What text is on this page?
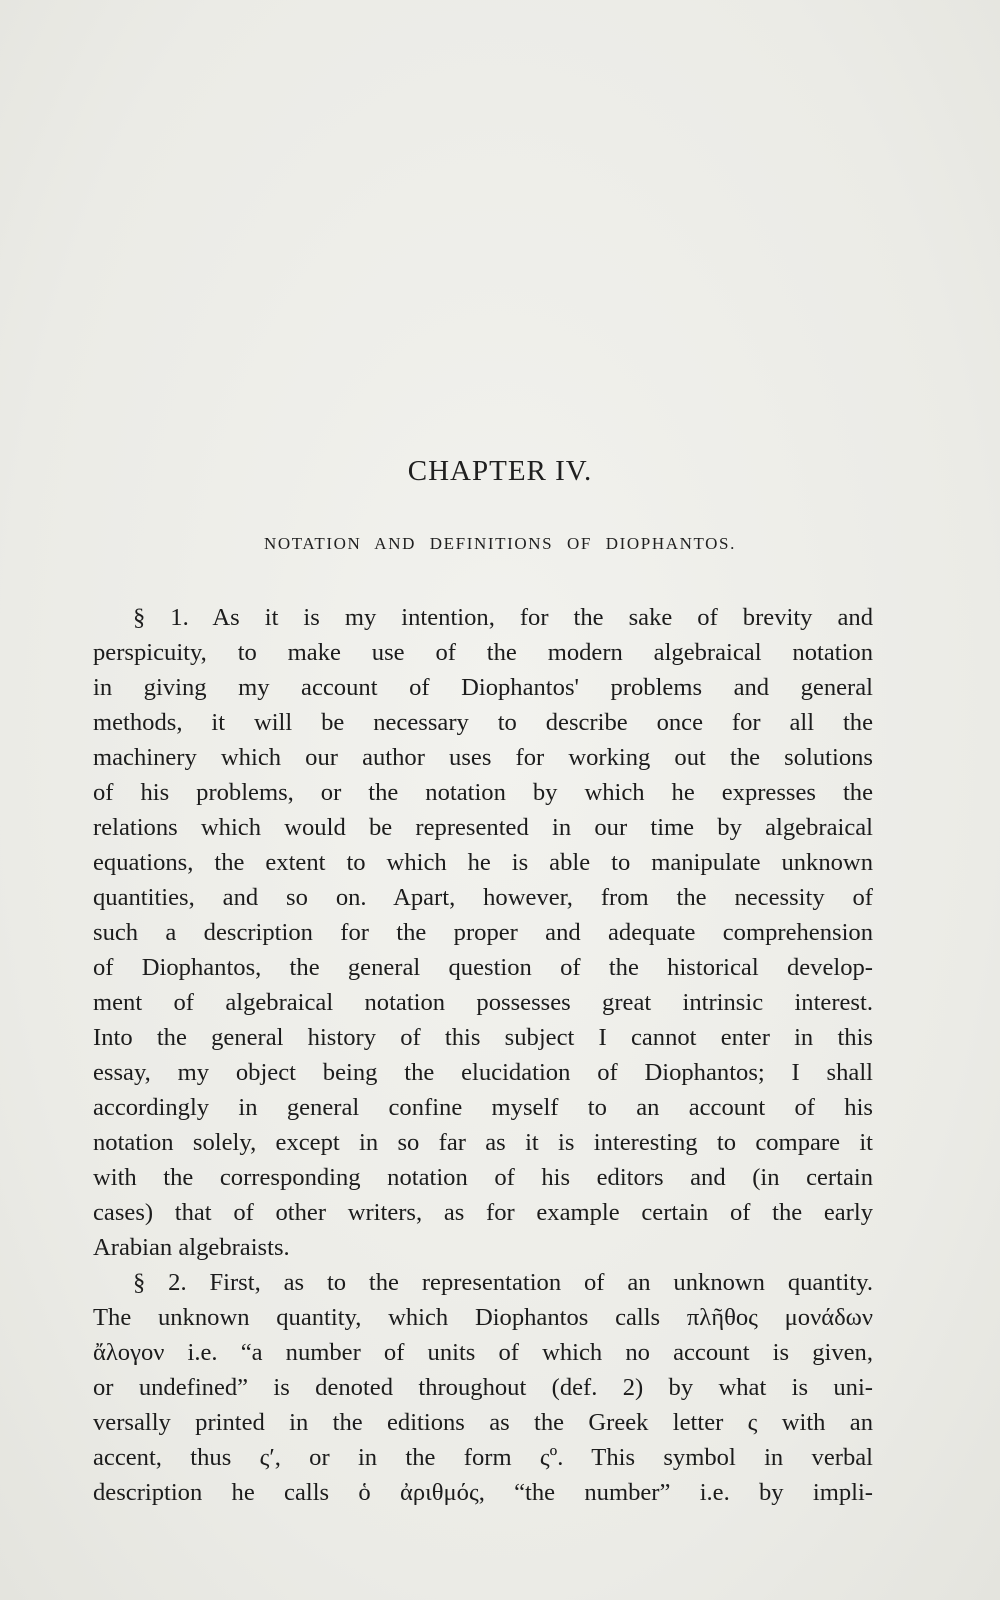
CHAPTER IV.
NOTATION AND DEFINITIONS OF DIOPHANTOS.
§ 1. As it is my intention, for the sake of brevity and
perspicuity, to make use of the modern algebraical notation
in giving my account of Diophantos' problems and general
methods, it will be necessary to describe once for all the
machinery which our author uses for working out the solutions
of his problems, or the notation by which he expresses the
relations which would be represented in our time by algebraical
equations, the extent to which he is able to manipulate unknown
quantities, and so on. Apart, however, from the necessity of
such a description for the proper and adequate comprehension
of Diophantos, the general question of the historical develop-
ment of algebraical notation possesses great intrinsic interest.
Into the general history of this subject I cannot enter in this
essay, my object being the elucidation of Diophantos; I shall
accordingly in general confine myself to an account of his
notation solely, except in so far as it is interesting to compare it
with the corresponding notation of his editors and (in certain
cases) that of other writers, as for example certain of the early
Arabian algebraists.
§ 2. First, as to the representation of an unknown quantity.
The unknown quantity, which Diophantos calls πλῆθος μονάδων
ἄλογον i.e. “a number of units of which no account is given,
or undefined” is denoted throughout (def. 2) by what is uni-
versally printed in the editions as the Greek letter ς with an
accent, thus ς′, or in the form ςº. This symbol in verbal
description he calls ὁ ἀριθμός, “the number” i.e. by impli-
